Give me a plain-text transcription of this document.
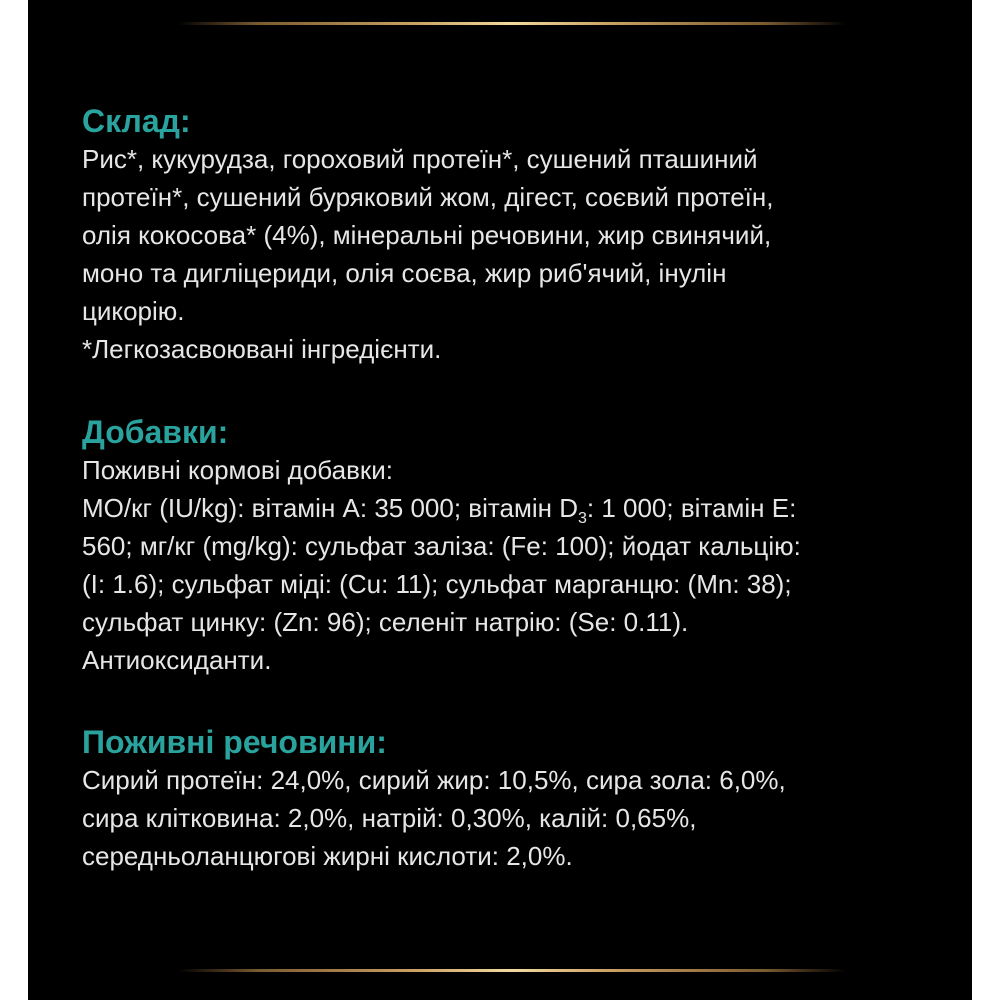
Склад:

Рис*, кукурудза, гороховий протеїн*, сушений пташиний
протеїн*, сушений буряковий жом, дігест, соєвий протеїн,
олія кокосова* (4%), мінеральні речовини, жир свинячий,
моно та дигліцериди, олія соєва, жир риб'ячий, інулін
цикорію.
*Легкозасвоювані інгредієнти.

Добавки:

Поживні кормові добавки:
МО/кг (IU/kg): вітамін А: 35 000; вітамін $D_3$: 1 000; вітамін Е:
560; мг/кг (mg/kg): сульфат заліза: (Fe: 100); йодат кальцію:
(I: 1.6); сульфат міді: (Cu: 11); сульфат марганцю: (Mn: 38);
сульфат цинку: (Zn: 96); селеніт натрію: (Se: 0.11).
Антиоксиданти.

Поживні речовини:

Сирий протеїн: 24,0%, сирий жир: 10,5%, сира зола: 6,0%,
сира клітковина: 2,0%, натрій: 0,30%, калій: 0,65%,
середньоланцюгові жирні кислоти: 2,0%.
